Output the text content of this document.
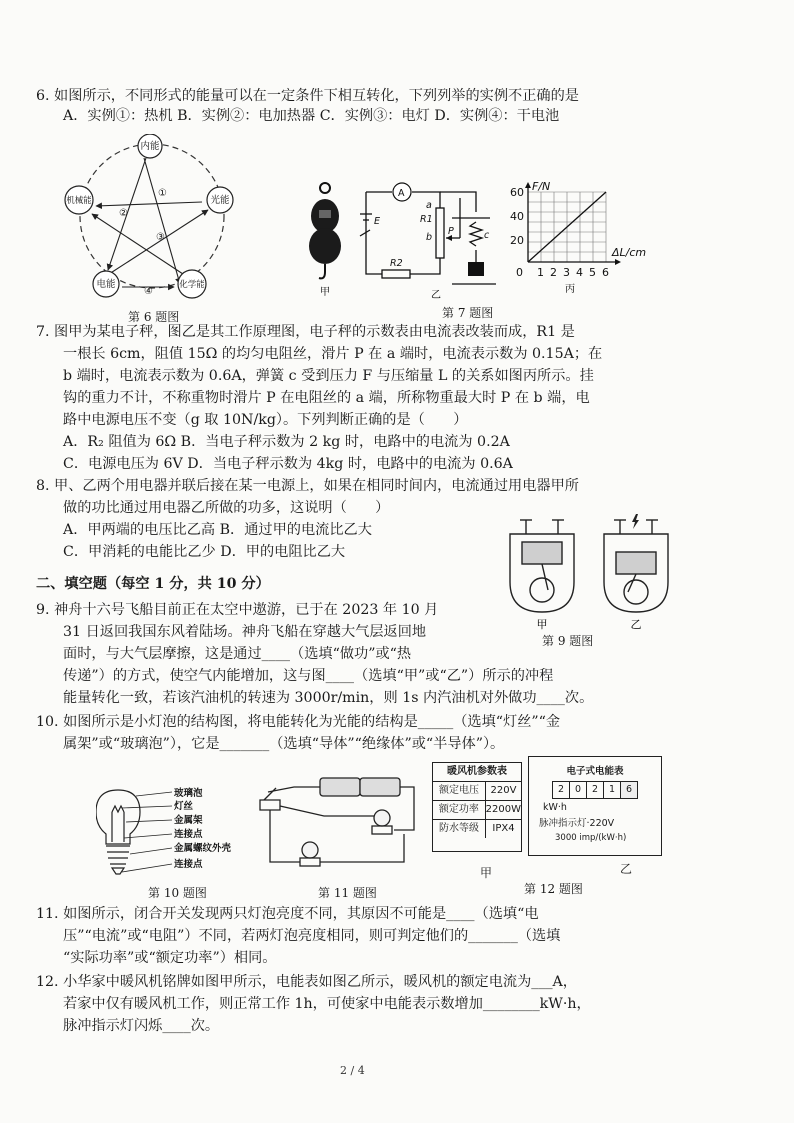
6. 如图所示，不同形式的能量可以在一定条件下相互转化，下列列举的实例不正确的是
A．实例①：热机 B．实例②：电加热器 C．实例③：电灯 D．实例④：干电池
内能
光能
化学能
电能
机械能
①
②
③
④
第 6 题图
甲
A
E
a
R1
b
P	c
R2
乙
F/N
ΔL/cm
60
40
20
0 1 2 3 4 5 6
丙
第 7 题图
7. 图甲为某电子秤，图乙是其工作原理图，电子秤的示数表由电流表改装而成，R1 是
一根长 6cm，阻值 15Ω 的均匀电阻丝，滑片 P 在 a 端时，电流表示数为 0.15A；在
b 端时，电流表示数为 0.6A，弹簧 c 受到压力 F 与压缩量 L 的关系如图丙所示。挂
钩的重力不计，不称重物时滑片 P 在电阻丝的 a 端，所称物重最大时 P 在 b 端，电
路中电源电压不变（g 取 10N/kg）。下列判断正确的是（　　）
A．R₂ 阻值为 6Ω B．当电子秤示数为 2 kg 时，电路中的电流为 0.2A
C．电源电压为 6V D．当电子秤示数为 4kg 时，电路中的电流为 0.6A
8. 甲、乙两个用电器并联后接在某一电源上，如果在相同时间内，电流通过用电器甲所
做的功比通过用电器乙所做的功多，这说明（　　）
A．甲两端的电压比乙高 B．通过甲的电流比乙大
C．甲消耗的电能比乙少 D．甲的电阻比乙大
甲	乙
第 9 题图
二、填空题（每空 1 分，共 10 分）
9. 神舟十六号飞船目前正在太空中遨游，已于在 2023 年 10 月
31 日返回我国东风着陆场。神舟飞船在穿越大气层返回地
面时，与大气层摩擦，这是通过____（选填“做功”或“热
传递”）的方式，使空气内能增加，这与图____（选填“甲”或“乙”）所示的冲程
能量转化一致，若该汽油机的转速为 3000r/min，则 1s 内汽油机对外做功____次。
10. 如图所示是小灯泡的结构图，将电能转化为光能的结构是_____（选填“灯丝”“金
属架”或“玻璃泡”），它是_______（选填“导体”“绝缘体”或“半导体”）。
玻璃泡
灯丝
金属架
连接点
金属螺纹外壳
连接点
第 10 题图	第 11 题图
暖风机参数表
额定电压	220V
额定功率 2200W
防水等级	IPX4
甲
电子式电能表
2	0	2	1	6
kW·h
脉冲指示灯·220V
3000 imp/(kW·h)
乙
第 12 题图
11. 如图所示，闭合开关发现两只灯泡亮度不同，其原因不可能是____（选填“电
压”“电流”或“电阻”）不同，若两灯泡亮度相同，则可判定他们的_______（选填
“实际功率”或“额定功率”）相同。
12. 小华家中暖风机铭牌如图甲所示，电能表如图乙所示，暖风机的额定电流为___A，
若家中仅有暖风机工作，则正常工作 1h，可使家中电能表示数增加________kW·h，
脉冲指示灯闪烁____次。
2 / 4
